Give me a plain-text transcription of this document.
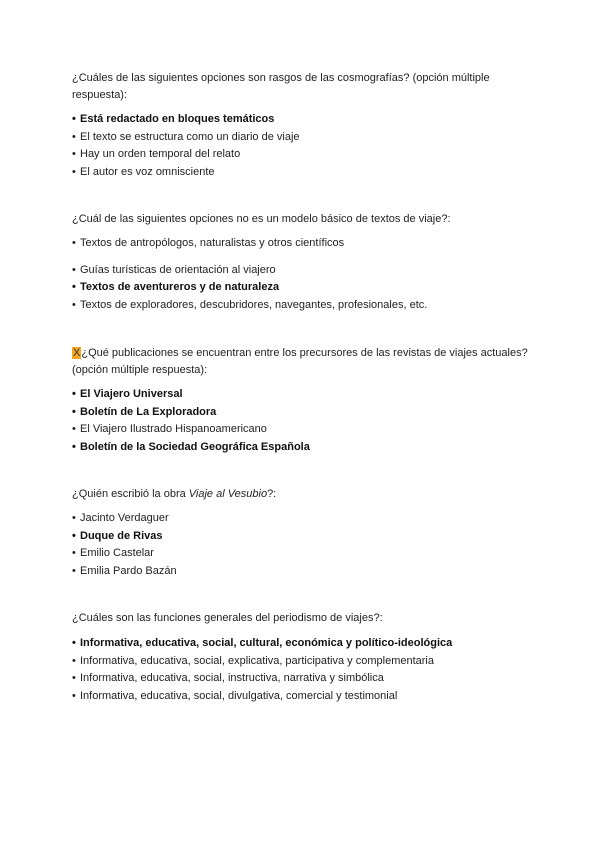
¿Cuáles de las siguientes opciones son rasgos de las cosmografías? (opción múltiple respuesta):
• Está redactado en bloques temáticos
• El texto se estructura como un diario de viaje
• Hay un orden temporal del relato
• El autor es voz omnisciente
¿Cuál de las siguientes opciones no es un modelo básico de textos de viaje?:
• Textos de antropólogos, naturalistas y otros científicos
• Guías turísticas de orientación al viajero
• Textos de aventureros y de naturaleza
• Textos de exploradores, descubridores, navegantes, profesionales, etc.
X¿Qué publicaciones se encuentran entre los precursores de las revistas de viajes actuales? (opción múltiple respuesta):
• El Viajero Universal
• Boletín de La Exploradora
• El Viajero Ilustrado Hispanoamericano
• Boletín de la Sociedad Geográfica Española
¿Quién escribió la obra Viaje al Vesubio?:
• Jacinto Verdaguer
• Duque de Rivas
• Emilio Castelar
• Emilia Pardo Bazán
¿Cuáles son las funciones generales del periodismo de viajes?:
• Informativa, educativa, social, cultural, económica y político-ideológica
• Informativa, educativa, social, explicativa, participativa y complementaria
• Informativa, educativa, social, instructiva, narrativa y simbólica
• Informativa, educativa, social, divulgativa, comercial y testimonial
